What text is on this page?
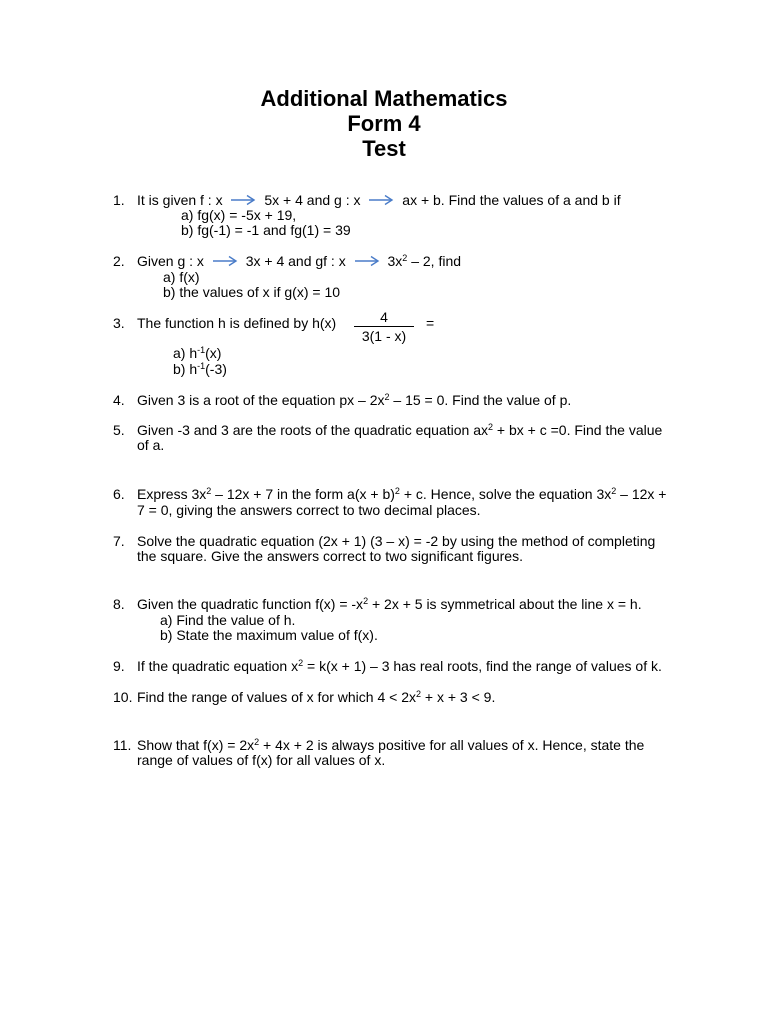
Additional Mathematics
Form 4
Test
1. It is given f : x	5x + 4 and g : x	ax + b. Find the values of a and b if
a) fg(x) = -5x + 19,
b) fg(-1) = -1 and fg(1) = 39
2. Given g : x	3x + 4 and gf : x	$3x^2 - 2$, find
a) f(x)
b) the values of x if g(x) = 10
3. The function h is defined by h(x)	4
3(1 - x)
=
a) $h^{-1}(x)$
b) $h^{-1}(-3)$
4. Given 3 is a root of the equation px – $2x^2 - 15 = 0$. Find the value of p.
5. Given -3 and 3 are the roots of the quadratic equation $ax^2$ + bx + c =0. Find the value
of a.
6. Express $3x^2 - 12x + 7$ in the form $a(x + b)^2 + c$. Hence, solve the equation $3x^2 - 12x$ +
7 = 0, giving the answers correct to two decimal places.
7. Solve the quadratic equation (2x + 1) (3 – x) = -2 by using the method of completing
the square. Give the answers correct to two significant figures.
8. Given the quadratic function $f(x) = -x^2 + 2x + 5$ is symmetrical about the line x = h.
a) Find the value of h.
b) State the maximum value of f(x).
9. If the quadratic equation $x^2 = k(x + 1) - 3$ has real roots, find the range of values of k.
10. Find the range of values of x for which $4 < 2x^2 + x + 3 < 9$.
11. Show that $f(x) = 2x^2 + 4x + 2$ is always positive for all values of x. Hence, state the
range of values of f(x) for all values of x.
